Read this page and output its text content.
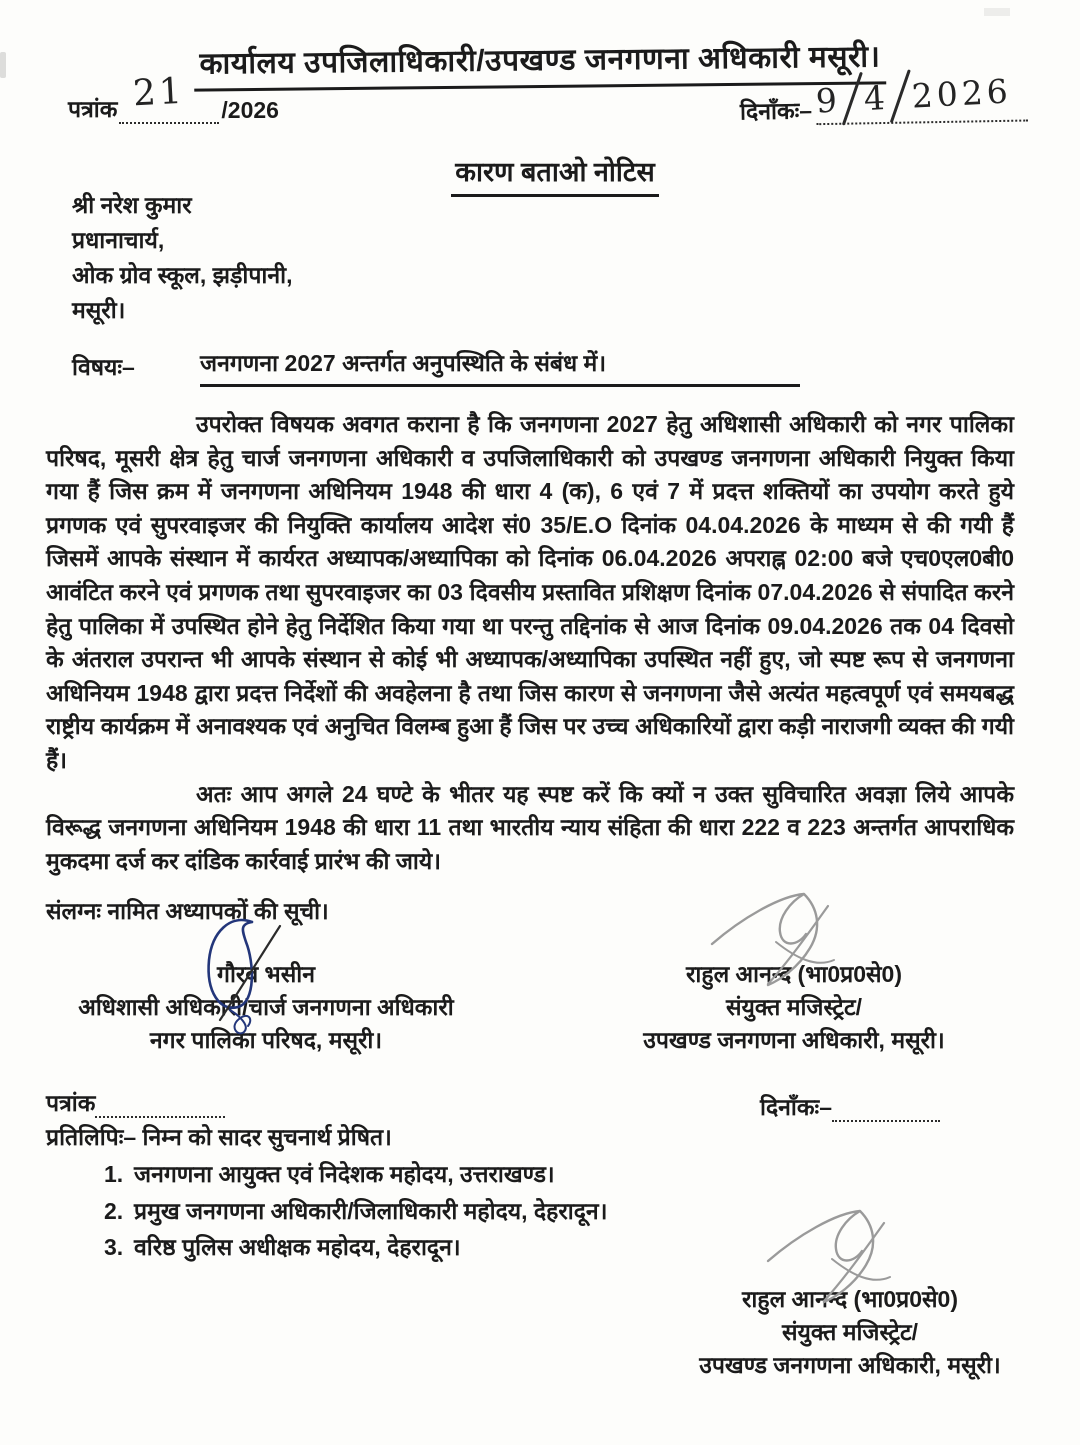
कार्यालय उपजिलाधिकारी/उपखण्ड जनगणना अधिकारी मसूरी।
पत्रांक 21 /2026	दिनाँकः– 9 4 2026
कारण बताओ नोटिस
श्री नरेश कुमार
प्रधानाचार्य,
ओक ग्रोव स्कूल, झड़ीपानी,
मसूरी।
विषयः–	जनगणना 2027 अन्तर्गत अनुपस्थिति के संबंध में।

उपरोक्त विषयक अवगत कराना है कि जनगणना 2027 हेतु अधिशासी अधिकारी को नगर पालिका परिषद, मूसरी क्षेत्र हेतु चार्ज जनगणना अधिकारी व उपजिलाधिकारी को उपखण्ड जनगणना अधिकारी नियुक्त किया गया हैं जिस क्रम में जनगणना अधिनियम 1948 की धारा 4 (क), 6 एवं 7 में प्रदत्त शक्तियों का उपयोग करते हुये प्रगणक एवं सुपरवाइजर की नियुक्ति कार्यालय आदेश सं0 35/E.O दिनांक 04.04.2026 के माध्यम से की गयी हैं जिसमें आपके संस्थान में कार्यरत अध्यापक/अध्यापिका को दिनांक 06.04.2026 अपराह्न 02:00 बजे एच0एल0बी0 आवंटित करने एवं प्रगणक तथा सुपरवाइजर का 03 दिवसीय प्रस्तावित प्रशिक्षण दिनांक 07.04.2026 से संपादित करने हेतु पालिका में उपस्थित होने हेतु निर्देशित किया गया था परन्तु तद्दिनांक से आज दिनांक 09.04.2026 तक 04 दिवसो के अंतराल उपरान्त भी आपके संस्थान से कोई भी अध्यापक/अध्यापिका उपस्थित नहीं हुए, जो स्पष्ट रूप से जनगणना अधिनियम 1948 द्वारा प्रदत्त निर्देशों की अवहेलना है तथा जिस कारण से जनगणना जैसे अत्यंत महत्वपूर्ण एवं समयबद्ध राष्ट्रीय कार्यक्रम में अनावश्यक एवं अनुचित विलम्ब हुआ हैं जिस पर उच्च अधिकारियों द्वारा कड़ी नाराजगी व्यक्त की गयी हैं।

अतः आप अगले 24 घण्टे के भीतर यह स्पष्ट करें कि क्यों न उक्त सुविचारित अवज्ञा लिये आपके विरूद्ध जनगणना अधिनियम 1948 की धारा 11 तथा भारतीय न्याय संहिता की धारा 222 व 223 अन्तर्गत आपराधिक मुकदमा दर्ज कर दांडिक कार्रवाई प्रारंभ की जाये।

संलग्नः नामित अध्यापकों की सूची।
गौरव भसीन
अधिशासी अधिकारी/चार्ज जनगणना अधिकारी
नगर पालिका परिषद, मसूरी।
राहुल आनन्द (भा0प्र0से0)
संयुक्त मजिस्ट्रेट/
उपखण्ड जनगणना अधिकारी, मसूरी।
पत्रांक	दिनाँकः–
प्रतिलिपिः– निम्न को सादर सुचनार्थ प्रेषित।
1. जनगणना आयुक्त एवं निदेशक महोदय, उत्तराखण्ड।
2. प्रमुख जनगणना अधिकारी/जिलाधिकारी महोदय, देहरादून।
3. वरिष्ठ पुलिस अधीक्षक महोदय, देहरादून।
राहुल आनन्द (भा0प्र0से0)
संयुक्त मजिस्ट्रेट/
उपखण्ड जनगणना अधिकारी, मसूरी।
